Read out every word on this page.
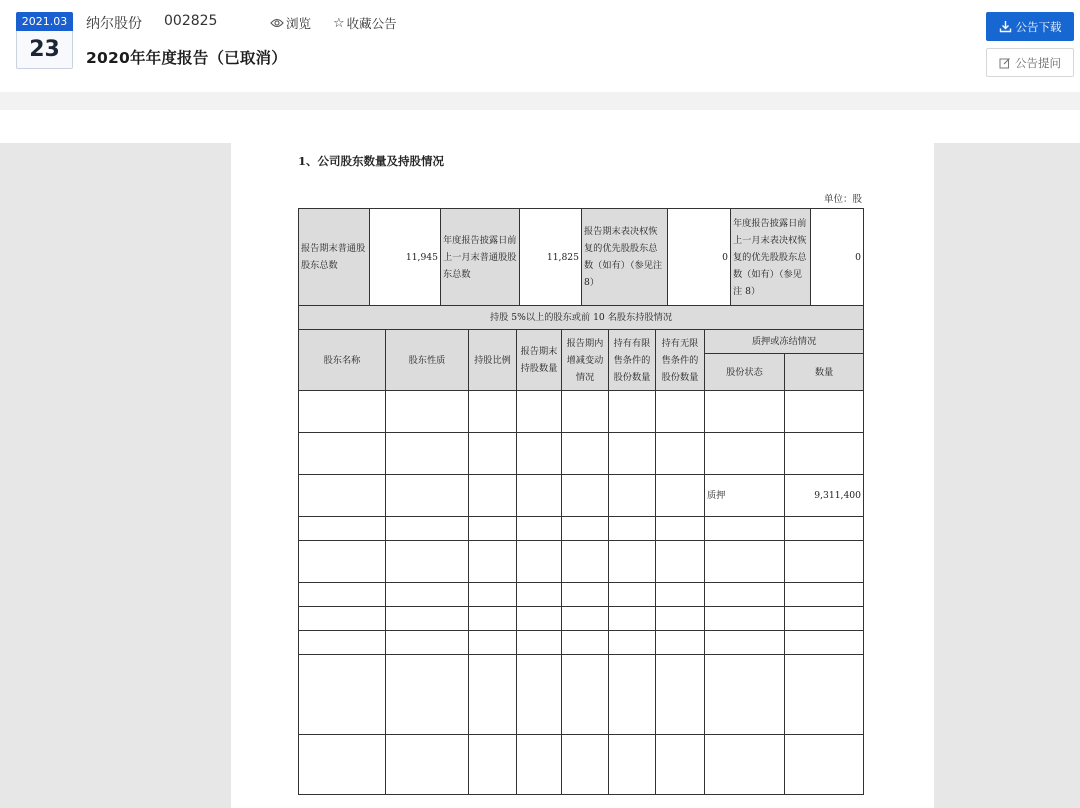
2021.03
23
纳尔股份 002825	浏览 ☆ 收藏公告
2020年年度报告（已取消）
公告下载
公告提问
1、公司股东数量及持股情况
单位：股
报告期末普通股股东总数	11,945	年度报告披露日前上一月末普通股股东总数	11,825	报告期末表决权恢复的优先股股东总数（如有）（参见注 8）	0	年度报告披露日前上一月末表决权恢复的优先股股东总数（如有）（参见注 8）	0
持股 5%以上的股东或前 10 名股东持股情况								
股东名称	股东性质	持股比例	报告期末持股数量	报告期内增减变动情况	持有有限售条件的股份数量	持有无限售条件的股份数量	质押或冻结情况	
							股份状态	数量

							质押	9,311,400
